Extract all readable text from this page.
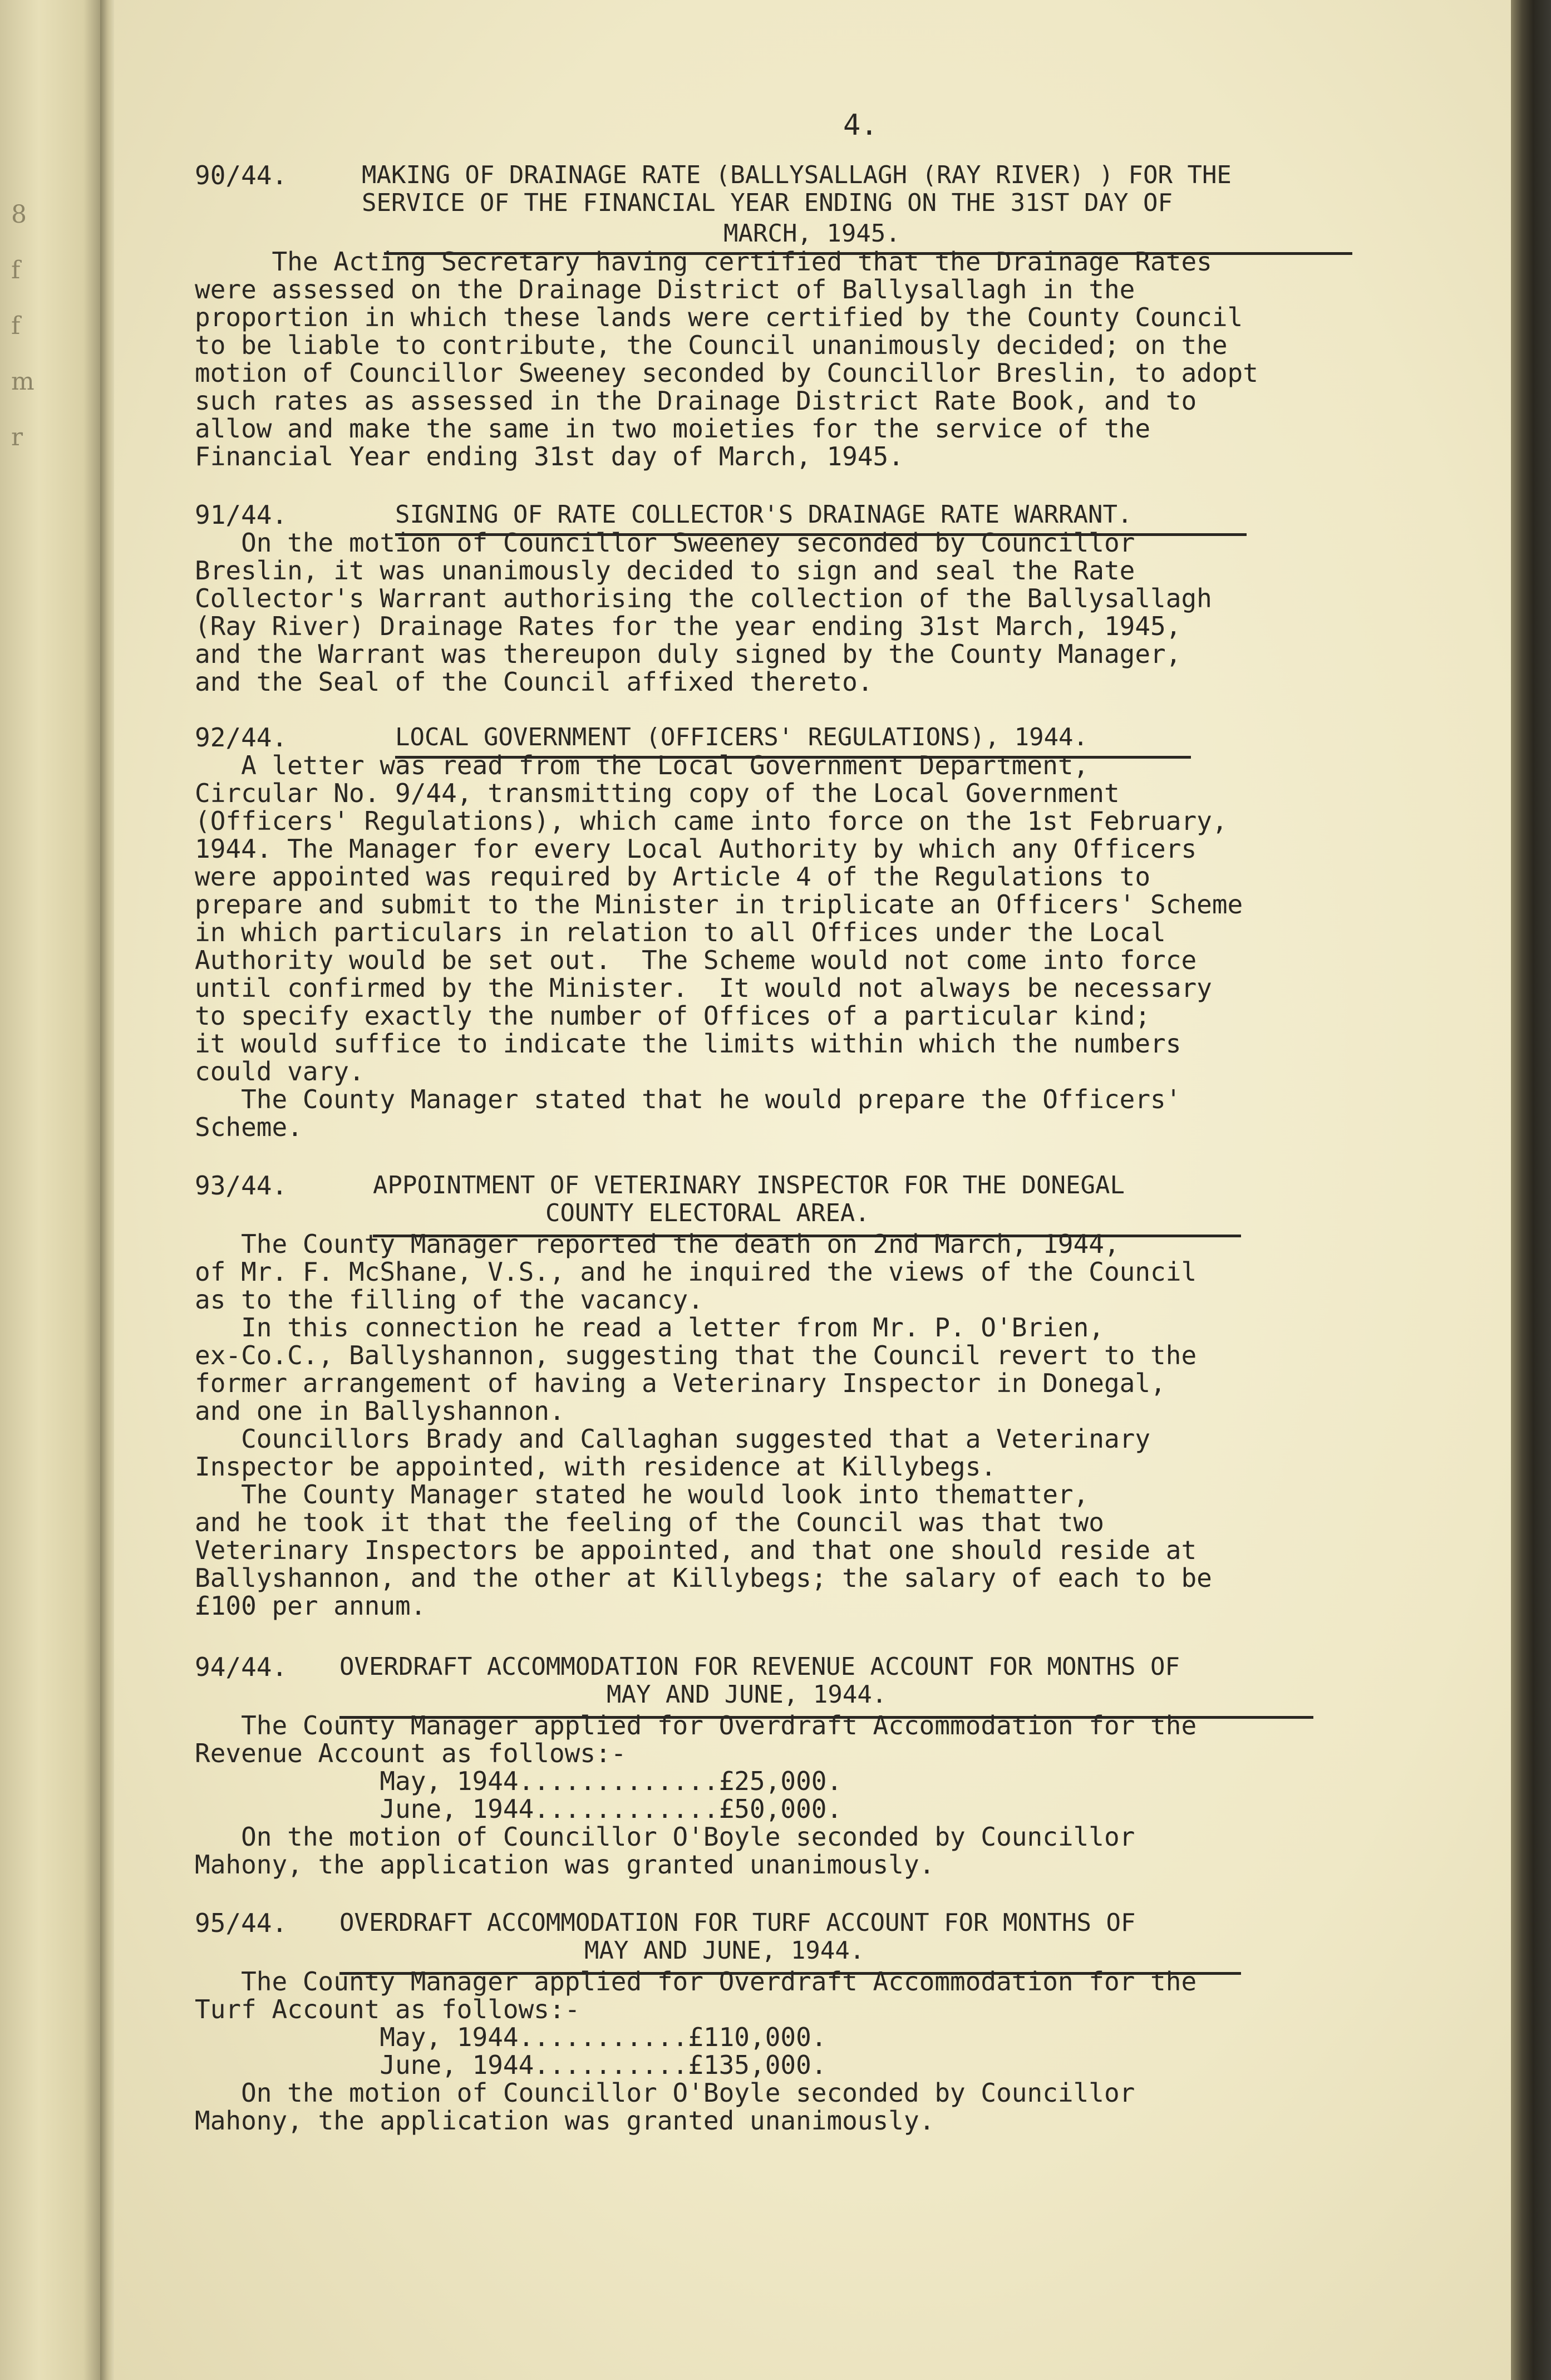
8
f
f
m
r
4.
90/44.	MAKING OF DRAINAGE RATE (BALLYSALLAGH (RAY RIVER) ) FOR THE
SERVICE OF THE FINANCIAL YEAR ENDING ON THE 31ST DAY OF
MARCH, 1945.
The Acting Secretary having certified that the Drainage Rates
were assessed on the Drainage District of Ballysallagh in the
proportion in which these lands were certified by the County Council
to be liable to contribute, the Council unanimously decided; on the
motion of Councillor Sweeney seconded by Councillor Breslin, to adopt
such rates as assessed in the Drainage District Rate Book, and to
allow and make the same in two moieties for the service of the
Financial Year ending 31st day of March, 1945.
91/44.	SIGNING OF RATE COLLECTOR'S DRAINAGE RATE WARRANT.
On the motion of Councillor Sweeney seconded by Councillor
Breslin, it was unanimously decided to sign and seal the Rate
Collector's Warrant authorising the collection of the Ballysallagh
(Ray River) Drainage Rates for the year ending 31st March, 1945,
and the Warrant was thereupon duly signed by the County Manager,
and the Seal of the Council affixed thereto.
92/44.	LOCAL GOVERNMENT (OFFICERS' REGULATIONS), 1944.
A letter was read from the Local Government Department,
Circular No. 9/44, transmitting copy of the Local Government
(Officers' Regulations), which came into force on the 1st February,
1944. The Manager for every Local Authority by which any Officers
were appointed was required by Article 4 of the Regulations to
prepare and submit to the Minister in triplicate an Officers' Scheme
in which particulars in relation to all Offices under the Local
Authority would be set out.  The Scheme would not come into force
until confirmed by the Minister.  It would not always be necessary
to specify exactly the number of Offices of a particular kind;
it would suffice to indicate the limits within which the numbers
could vary.
The County Manager stated that he would prepare the Officers'
Scheme.
93/44.	APPOINTMENT OF VETERINARY INSPECTOR FOR THE DONEGAL
COUNTY ELECTORAL AREA.
The County Manager reported the death on 2nd March, 1944,
of Mr. F. McShane, V.S., and he inquired the views of the Council
as to the filling of the vacancy.
In this connection he read a letter from Mr. P. O'Brien,
ex-Co.C., Ballyshannon, suggesting that the Council revert to the
former arrangement of having a Veterinary Inspector in Donegal,
and one in Ballyshannon.
Councillors Brady and Callaghan suggested that a Veterinary
Inspector be appointed, with residence at Killybegs.
The County Manager stated he would look into thematter,
and he took it that the feeling of the Council was that two
Veterinary Inspectors be appointed, and that one should reside at
Ballyshannon, and the other at Killybegs; the salary of each to be
£100 per annum.
94/44. OVERDRAFT ACCOMMODATION FOR REVENUE ACCOUNT FOR MONTHS OF
MAY AND JUNE, 1944.
The County Manager applied for Overdraft Accommodation for the
Revenue Account as follows:-
May, 1944.............£25,000.
June, 1944............£50,000.
On the motion of Councillor O'Boyle seconded by Councillor
Mahony, the application was granted unanimously.
95/44. OVERDRAFT ACCOMMODATION FOR TURF ACCOUNT FOR MONTHS OF
MAY AND JUNE, 1944.
The County Manager applied for Overdraft Accommodation for the
Turf Account as follows:-
May, 1944...........£110,000.
June, 1944..........£135,000.
On the motion of Councillor O'Boyle seconded by Councillor
Mahony, the application was granted unanimously.
